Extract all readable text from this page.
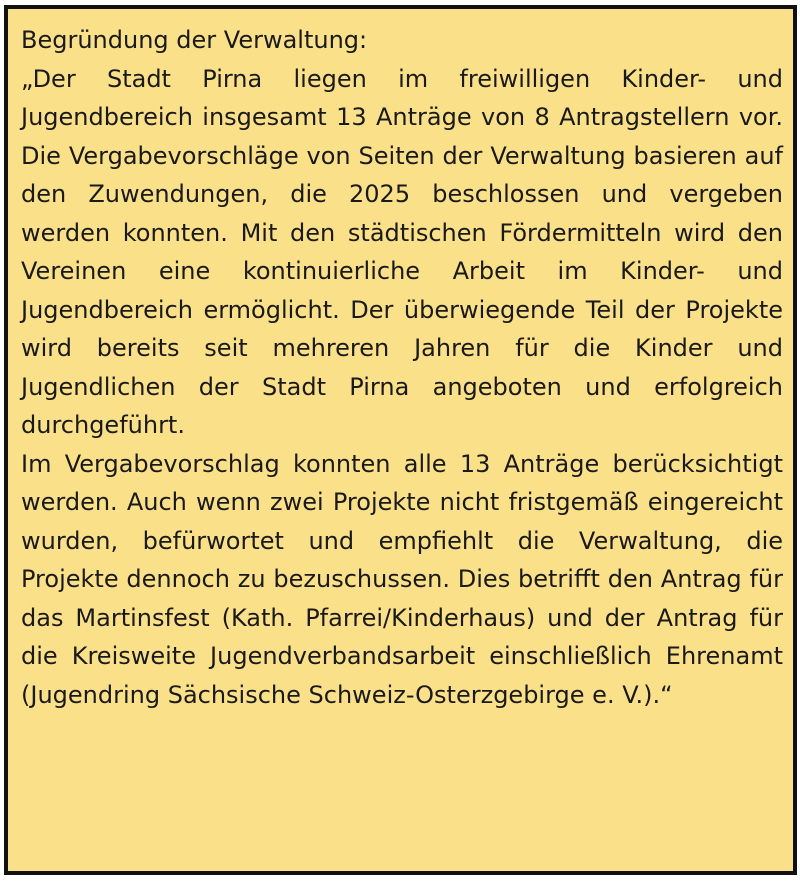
Begründung der Verwaltung:

„Der Stadt Pirna liegen im freiwilligen Kinder- und Jugendbereich insgesamt 13 Anträge von 8 Antragstellern vor. Die Vergabevorschläge von Seiten der Verwaltung basieren auf den Zuwendungen, die 2025 beschlossen und vergeben werden konnten. Mit den städtischen Fördermitteln wird den Vereinen eine kontinuierliche Arbeit im Kinder- und Jugendbereich ermöglicht. Der überwiegende Teil der Projekte wird bereits seit mehreren Jahren für die Kinder und Jugendlichen der Stadt Pirna angeboten und erfolgreich durchgeführt.

Im Vergabevorschlag konnten alle 13 Anträge berücksichtigt werden. Auch wenn zwei Projekte nicht fristgemäß eingereicht wurden, befürwortet und empfiehlt die Verwaltung, die Projekte dennoch zu bezuschussen. Dies betrifft den Antrag für das Martinsfest (Kath. Pfarrei/Kinderhaus) und der Antrag für die Kreisweite Jugendverbandsarbeit einschließlich Ehrenamt (Jugendring Sächsische Schweiz-Osterzgebirge e. V.).“
